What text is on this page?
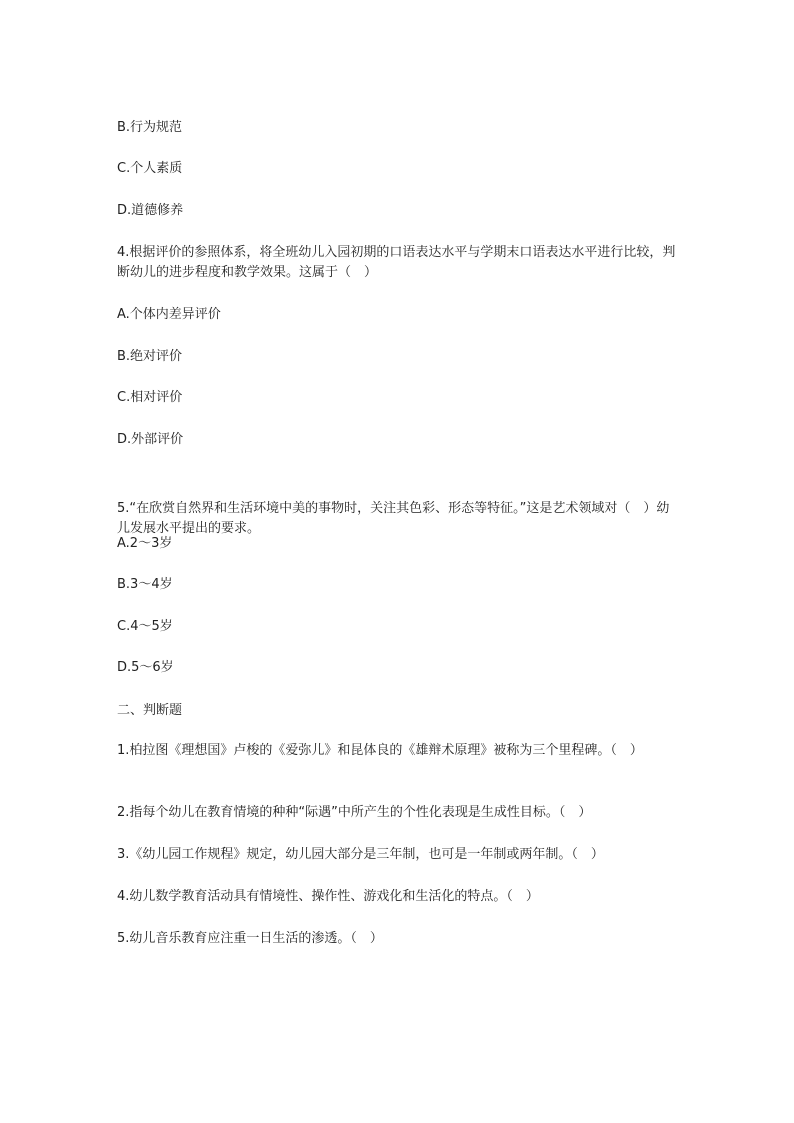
B.行为规范
C.个人素质
D.道德修养
4.根据评价的参照体系，将全班幼儿入园初期的口语表达水平与学期末口语表达水平进行比较，判断幼儿的进步程度和教学效果。这属于（　）
A.个体内差异评价
B.绝对评价
C.相对评价
D.外部评价
5.“在欣赏自然界和生活环境中美的事物时，关注其色彩、形态等特征。”这是艺术领域对（　）幼儿发展水平提出的要求。
A.2～3岁
B.3～4岁
C.4～5岁
D.5～6岁
二、判断题
1.柏拉图《理想国》卢梭的《爱弥儿》和昆体良的《雄辩术原理》被称为三个里程碑。（　）
2.指每个幼儿在教育情境的种种“际遇”中所产生的个性化表现是生成性目标。（　）
3.《幼儿园工作规程》规定，幼儿园大部分是三年制，也可是一年制或两年制。（　）
4.幼儿数学教育活动具有情境性、操作性、游戏化和生活化的特点。（　）
5.幼儿音乐教育应注重一日生活的渗透。（　）
